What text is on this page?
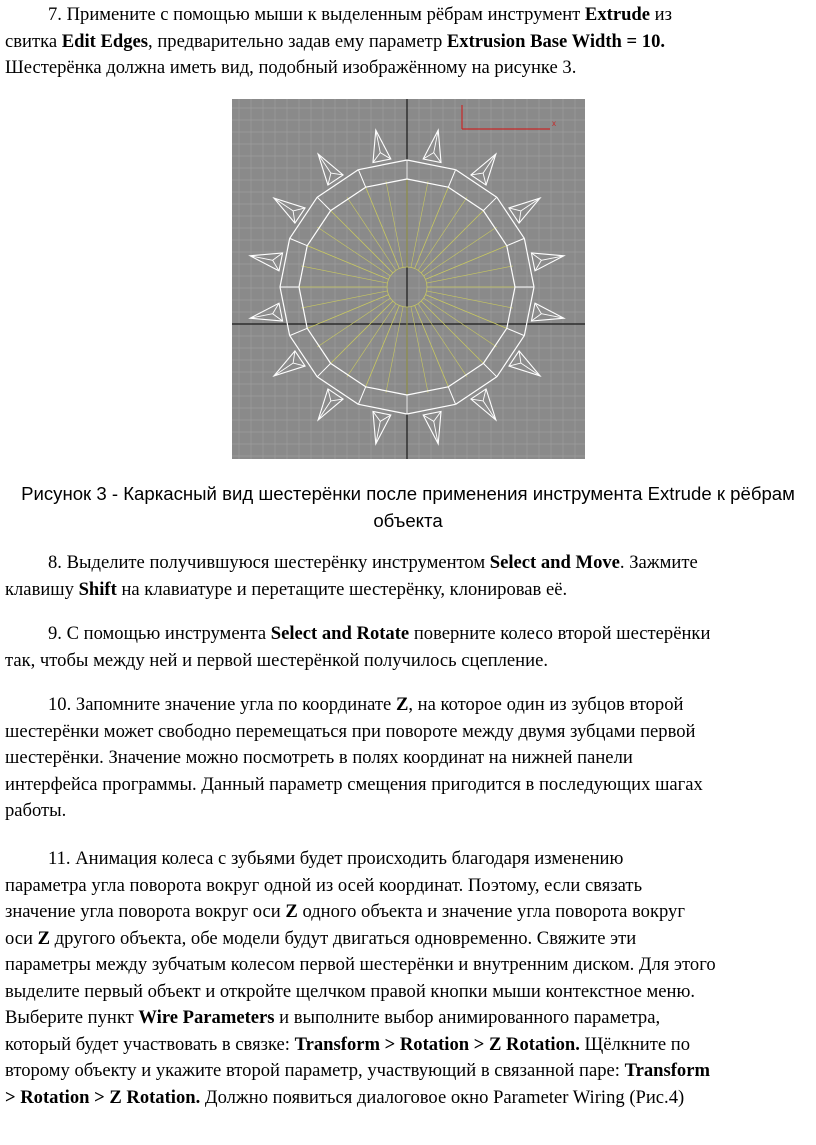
7. Примените с помощью мыши к выделенным рёбрам инструмент Extrude из
свитка Edit Edges, предварительно задав ему параметр Extrusion Base Width = 10.
Шестерёнка должна иметь вид, подобный изображённому на рисунке 3.
x
Рисунок 3 - Каркасный вид шестерёнки после применения инструмента Extrude к рёбрам
объекта
8. Выделите получившуюся шестерёнку инструментом Select and Move. Зажмите
клавишу Shift на клавиатуре и перетащите шестерёнку, клонировав её.
9. С помощью инструмента Select and Rotate поверните колесо второй шестерёнки
так, чтобы между ней и первой шестерёнкой получилось сцепление.
10. Запомните значение угла по координате Z, на которое один из зубцов второй
шестерёнки может свободно перемещаться при повороте между двумя зубцами первой
шестерёнки. Значение можно посмотреть в полях координат на нижней панели
интерфейса программы. Данный параметр смещения пригодится в последующих шагах
работы.
11. Анимация колеса с зубьями будет происходить благодаря изменению
параметра угла поворота вокруг одной из осей координат. Поэтому, если связать
значение угла поворота вокруг оси Z одного объекта и значение угла поворота вокруг
оси Z другого объекта, обе модели будут двигаться одновременно. Свяжите эти
параметры между зубчатым колесом первой шестерёнки и внутренним диском. Для этого
выделите первый объект и откройте щелчком правой кнопки мыши контекстное меню.
Выберите пункт Wire Parameters и выполните выбор анимированного параметра,
который будет участвовать в связке: Transform > Rotation > Z Rotation. Щёлкните по
второму объекту и укажите второй параметр, участвующий в связанной паре: Transform
> Rotation > Z Rotation. Должно появиться диалоговое окно Parameter Wiring (Рис.4)
